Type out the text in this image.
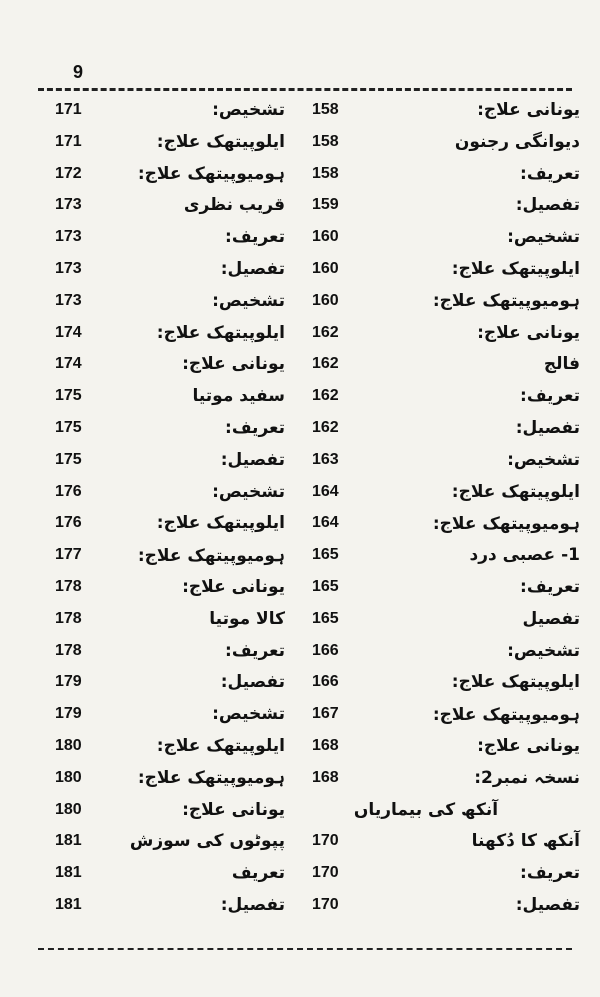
9
171	تشخیص:
171	ایلوپیتھک علاج:
172	ہومیوپیتھک علاج:
173	قریب نظری
173	تعریف:
173	تفصیل:
173	تشخیص:
174	ایلوپیتھک علاج:
174	یونانی علاج:
175	سفید موتیا
175	تعریف:
175	تفصیل:
176	تشخیص:
176	ایلوپیتھک علاج:
177	ہومیوپیتھک علاج:
178	یونانی علاج:
178	کالا موتیا
178	تعریف:
179	تفصیل:
179	تشخیص:
180	ایلوپیتھک علاج:
180	ہومیوپیتھک علاج:
180	یونانی علاج:
181	پپوٹوں کی سوزش
181	تعریف
181	تفصیل:
158	یونانی علاج:
158	دیوانگی رجنون
158	تعریف:
159	تفصیل:
160	تشخیص:
160	ایلوپیتھک علاج:
160	ہومیوپیتھک علاج:
162	یونانی علاج:
162	فالج
162	تعریف:
162	تفصیل:
163	تشخیص:
164	ایلوپیتھک علاج:
164	ہومیوپیتھک علاج:
165	1- عصبی درد
165	تعریف:
165	تفصیل
166	تشخیص:
166	ایلوپیتھک علاج:
167	ہومیوپیتھک علاج:
168	یونانی علاج:
168	نسخہ نمبر2:
آنکھ کی بیماریاں
170	آنکھ کا دُکھنا
170	تعریف:
170	تفصیل:
